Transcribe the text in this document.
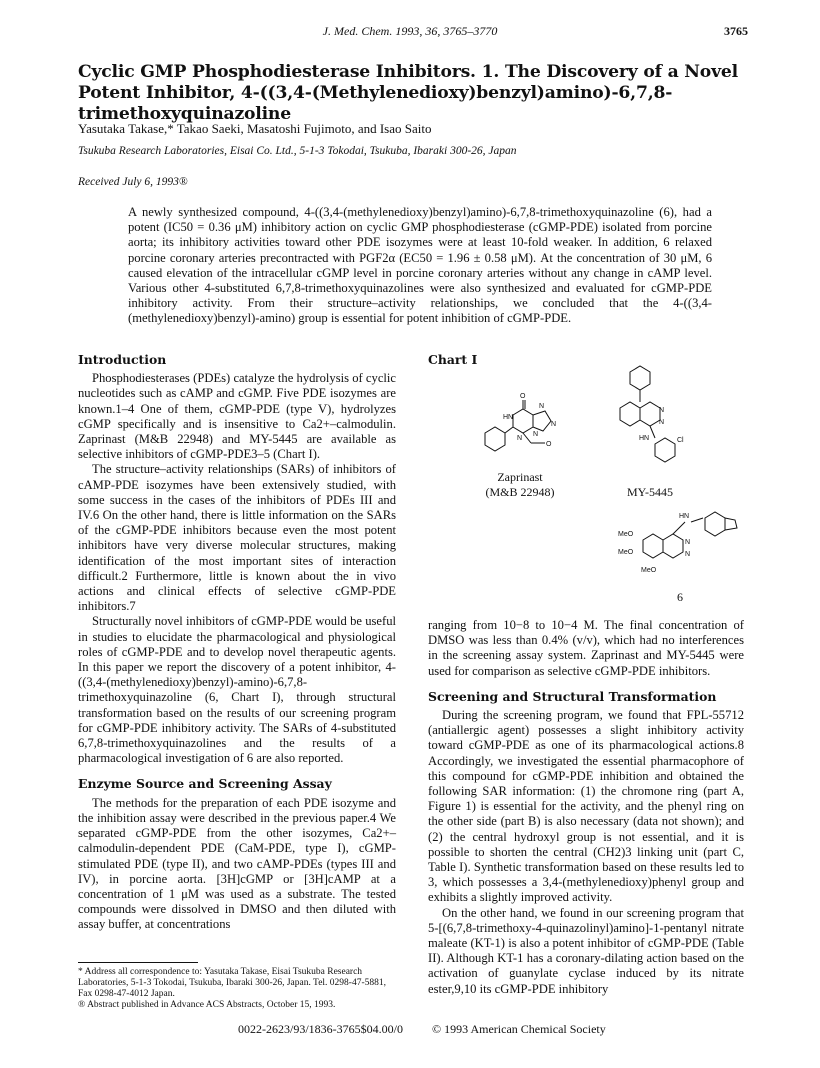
J. Med. Chem. 1993, 36, 3765–3770	3765
Cyclic GMP Phosphodiesterase Inhibitors. 1. The Discovery of a Novel Potent Inhibitor, 4-((3,4-(Methylenedioxy)benzyl)amino)-6,7,8-trimethoxyquinazoline
Yasutaka Takase,* Takao Saeki, Masatoshi Fujimoto, and Isao Saito
Tsukuba Research Laboratories, Eisai Co. Ltd., 5-1-3 Tokodai, Tsukuba, Ibaraki 300-26, Japan
Received July 6, 1993®
A newly synthesized compound, 4-((3,4-(methylenedioxy)benzyl)amino)-6,7,8-trimethoxyquinazoline (6), had a potent (IC50 = 0.36 μM) inhibitory action on cyclic GMP phosphodiesterase (cGMP-PDE) isolated from porcine aorta; its inhibitory activities toward other PDE isozymes were at least 10-fold weaker. In addition, 6 relaxed porcine coronary arteries precontracted with PGF2α (EC50 = 1.96 ± 0.58 μM). At the concentration of 30 μM, 6 caused elevation of the intracellular cGMP level in porcine coronary arteries without any change in cAMP level. Various other 4-substituted 6,7,8-trimethoxyquinazolines were also synthesized and evaluated for cGMP-PDE inhibitory activity. From their structure–activity relationships, we concluded that the 4-((3,4-(methylenedioxy)benzyl)-amino) group is essential for potent inhibition of cGMP-PDE.
Introduction

Phosphodiesterases (PDEs) catalyze the hydrolysis of cyclic nucleotides such as cAMP and cGMP. Five PDE isozymes are known.1–4 One of them, cGMP-PDE (type V), hydrolyzes cGMP specifically and is insensitive to Ca2+–calmodulin. Zaprinast (M&B 22948) and MY-5445 are available as selective inhibitors of cGMP-PDE3–5 (Chart I).

The structure–activity relationships (SARs) of inhibitors of cAMP-PDE isozymes have been extensively studied, with some success in the cases of the inhibitors of PDEs III and IV.6 On the other hand, there is little information on the SARs of the cGMP-PDE inhibitors because even the most potent inhibitors have very diverse molecular structures, making identification of the most important sites of interaction difficult.2 Furthermore, little is known about the in vivo actions and clinical effects of selective cGMP-PDE inhibitors.7

Structurally novel inhibitors of cGMP-PDE would be useful in studies to elucidate the pharmacological and physiological roles of cGMP-PDE and to develop novel therapeutic agents. In this paper we report the discovery of a potent inhibitor, 4-((3,4-(methylenedioxy)benzyl)-amino)-6,7,8-trimethoxyquinazoline (6, Chart I), through structural transformation based on the results of our screening program for cGMP-PDE inhibitory activity. The SARs of 4-substituted 6,7,8-trimethoxyquinazolines and the results of a pharmacological investigation of 6 are also reported.

Enzyme Source and Screening Assay

The methods for the preparation of each PDE isozyme and the inhibition assay were described in the previous paper.4 We separated cGMP-PDE from the other isozymes, Ca2+–calmodulin-dependent PDE (CaM-PDE, type I), cGMP-stimulated PDE (type II), and two cAMP-PDEs (types III and IV), in porcine aorta. [3H]cGMP or [3H]cAMP at a concentration of 1 μM was used as a substrate. The tested compounds were dissolved in DMSO and then diluted with assay buffer, at concentrations

* Address all correspondence to: Yasutaka Takase, Eisai Tsukuba Research Laboratories, 5-1-3 Tokodai, Tsukuba, Ibaraki 300-26, Japan. Tel. 0298-47-5881, Fax 0298-47-4012 Japan.
® Abstract published in Advance ACS Abstracts, October 15, 1993.
Chart I
O
HN
N
N
N
N
O
Zaprinast
(M&B 22948)
N
N
HN	Cl
MY-5445
HN
MeO
MeO
MeO
N
N
6

ranging from 10−8 to 10−4 M. The final concentration of DMSO was less than 0.4% (v/v), which had no interferences in the screening assay system. Zaprinast and MY-5445 were used for comparison as selective cGMP-PDE inhibitors.

Screening and Structural Transformation

During the screening program, we found that FPL-55712 (antiallergic agent) possesses a slight inhibitory activity toward cGMP-PDE as one of its pharmacological actions.8 Accordingly, we investigated the essential pharmacophore of this compound for cGMP-PDE inhibition and obtained the following SAR information: (1) the chromone ring (part A, Figure 1) is essential for the activity, and the phenyl ring on the other side (part B) is also necessary (data not shown); and (2) the central hydroxyl group is not essential, and it is possible to shorten the central (CH2)3 linking unit (part C, Table I). Synthetic transformation based on these results led to 3, which possesses a 3,4-(methylenedioxy)phenyl group and exhibits a slightly improved activity.

On the other hand, we found in our screening program that 5-[(6,7,8-trimethoxy-4-quinazolinyl)amino]-1-pentanyl nitrate maleate (KT-1) is also a potent inhibitor of cGMP-PDE (Table II). Although KT-1 has a coronary-dilating action based on the activation of guanylate cyclase induced by its nitrate ester,9,10 its cGMP-PDE inhibitory

0022-2623/93/1836-3765$04.00/0 © 1993 American Chemical Society
